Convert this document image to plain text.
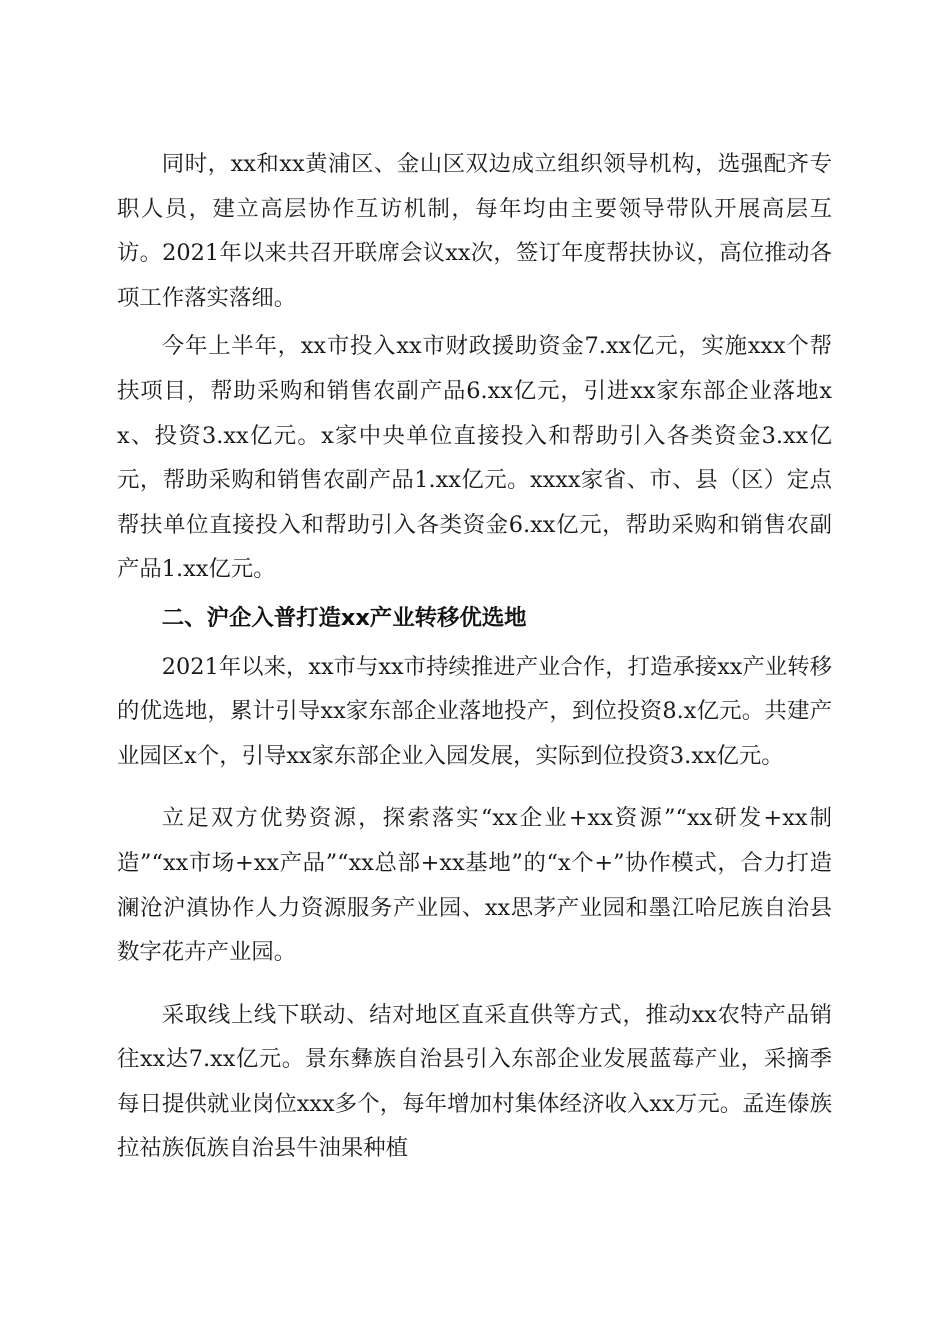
同时，xx和xx黄浦区、金山区双边成立组织领导机构，选强配齐专职人员，建立高层协作互访机制，每年均由主要领导带队开展高层互访。2021年以来共召开联席会议xx次，签订年度帮扶协议，高位推动各项工作落实落细。

今年上半年，xx市投入xx市财政援助资金7.xx亿元，实施xxx个帮扶项目，帮助采购和销售农副产品6.xx亿元，引进xx家东部企业落地xx、投资3.xx亿元。x家中央单位直接投入和帮助引入各类资金3.xx亿元，帮助采购和销售农副产品1.xx亿元。xxxx家省、市、县（区）定点帮扶单位直接投入和帮助引入各类资金6.xx亿元，帮助采购和销售农副产品1.xx亿元。

二、沪企入普打造xx产业转移优选地

2021年以来，xx市与xx市持续推进产业合作，打造承接xx产业转移的优选地，累计引导xx家东部企业落地投产，到位投资8.x亿元。共建产业园区x个，引导xx家东部企业入园发展，实际到位投资3.xx亿元。

立足双方优势资源，探索落实“xx企业+xx资源”“xx研发+xx制造”“xx市场+xx产品”“xx总部+xx基地”的“x个+”协作模式，合力打造澜沧沪滇协作人力资源服务产业园、xx思茅产业园和墨江哈尼族自治县数字花卉产业园。

采取线上线下联动、结对地区直采直供等方式，推动xx农特产品销往xx达7.xx亿元。景东彝族自治县引入东部企业发展蓝莓产业，采摘季每日提供就业岗位xxx多个，每年增加村集体经济收入xx万元。孟连傣族拉祜族佤族自治县牛油果种植
